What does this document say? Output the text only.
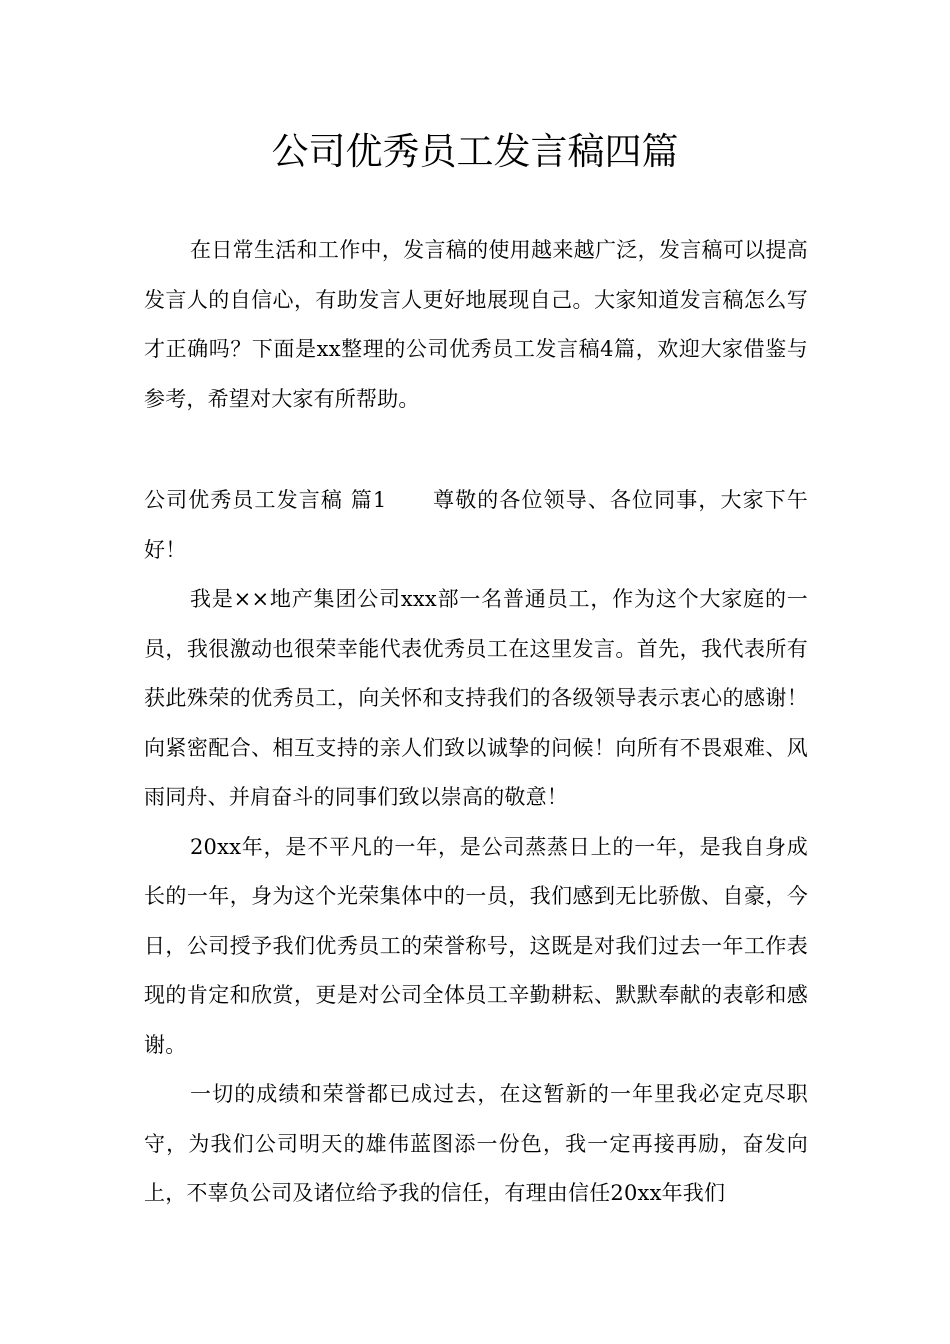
公司优秀员工发言稿四篇

在日常生活和工作中，发言稿的使用越来越广泛，发言稿可以提高发言人的自信心，有助发言人更好地展现自己。大家知道发言稿怎么写才正确吗？下面是xx整理的公司优秀员工发言稿4篇，欢迎大家借鉴与参考，希望对大家有所帮助。

公司优秀员工发言稿 篇1 尊敬的各位领导、各位同事，大家下午好！

我是××地产集团公司xxx部一名普通员工，作为这个大家庭的一员，我很激动也很荣幸能代表优秀员工在这里发言。首先，我代表所有获此殊荣的优秀员工，向关怀和支持我们的各级领导表示衷心的感谢！向紧密配合、相互支持的亲人们致以诚挚的问候！向所有不畏艰难、风雨同舟、并肩奋斗的同事们致以崇高的敬意！

20xx年，是不平凡的一年，是公司蒸蒸日上的一年，是我自身成长的一年，身为这个光荣集体中的一员，我们感到无比骄傲、自豪，今日，公司授予我们优秀员工的荣誉称号，这既是对我们过去一年工作表现的肯定和欣赏，更是对公司全体员工辛勤耕耘、默默奉献的表彰和感谢。

一切的成绩和荣誉都已成过去，在这暂新的一年里我必定克尽职守，为我们公司明天的雄伟蓝图添一份色，我一定再接再励，奋发向上，不辜负公司及诸位给予我的信任，有理由信任20xx年我们
